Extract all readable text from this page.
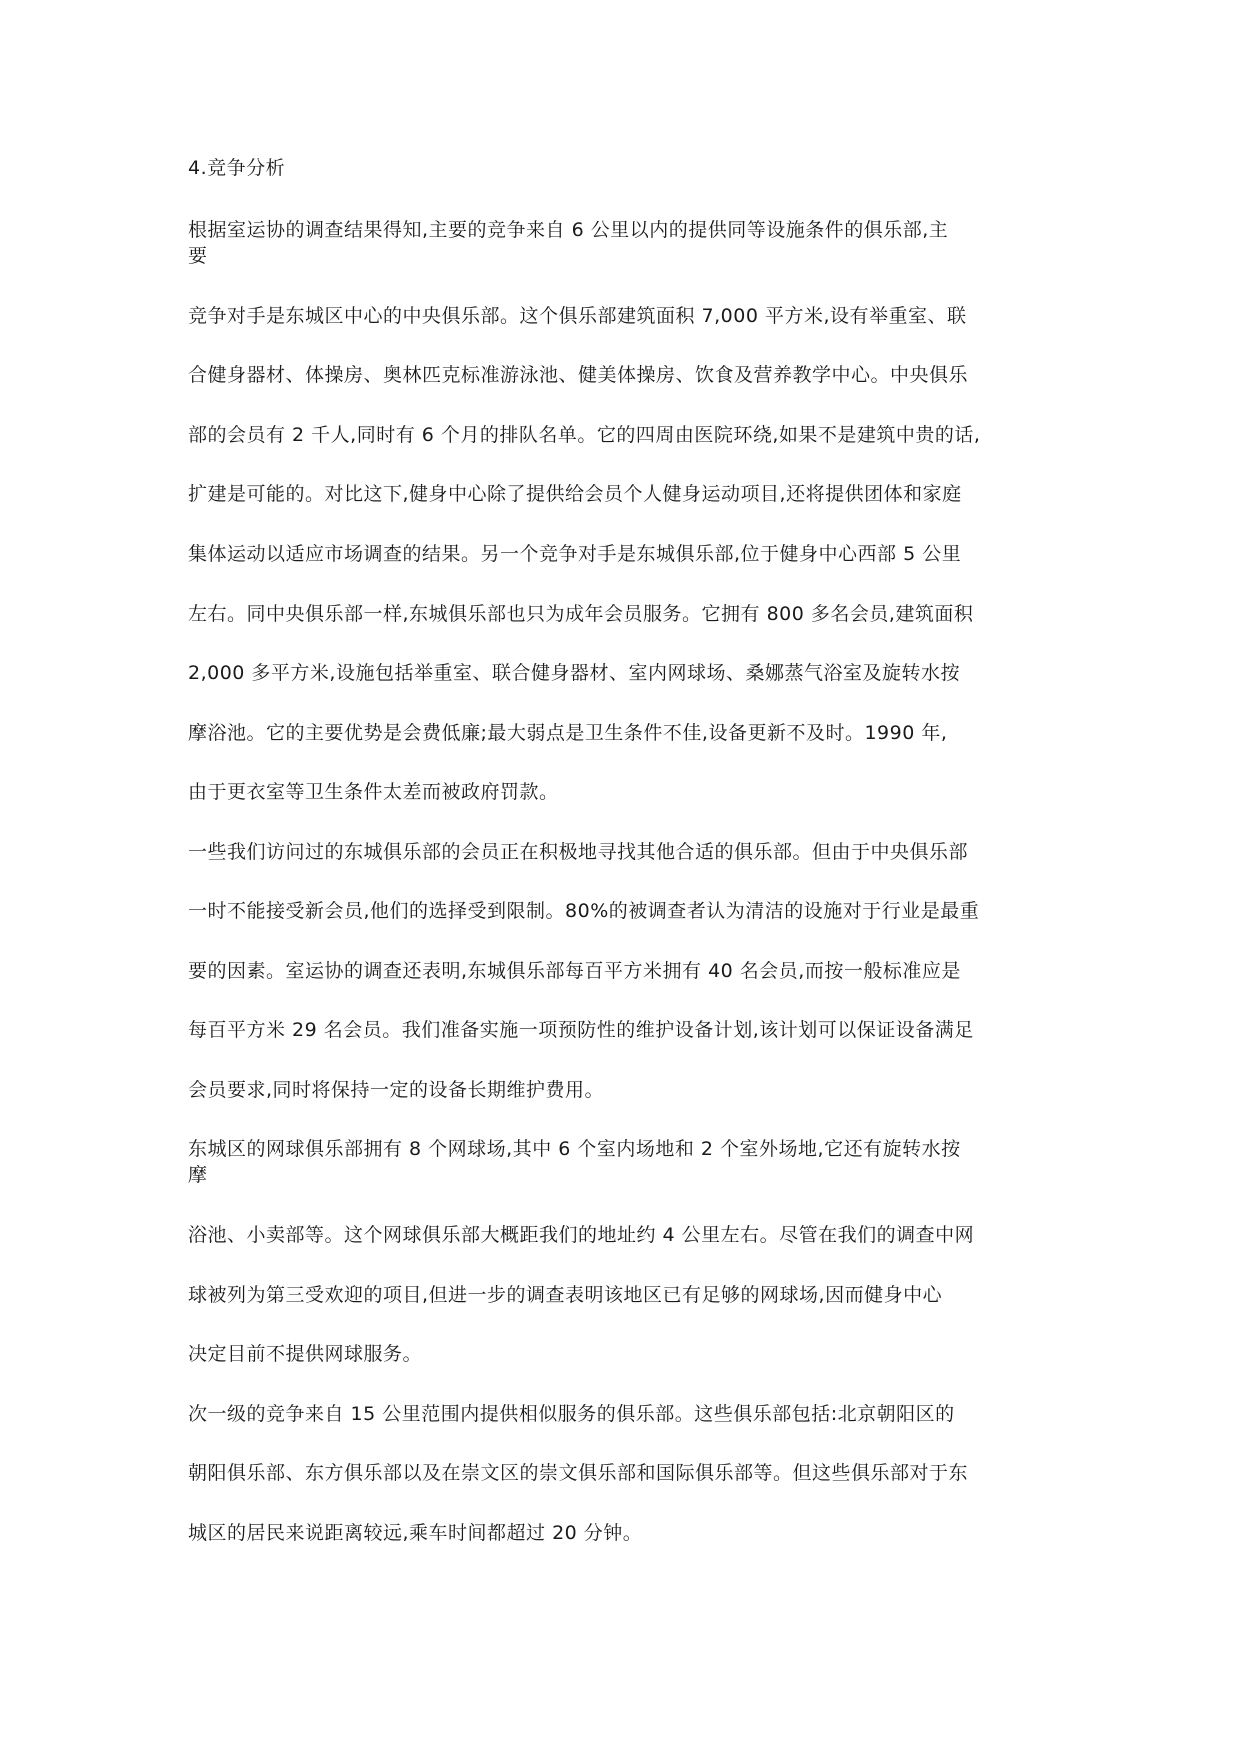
4.竞争分析
根据室运协的调查结果得知,主要的竞争来自 6 公里以内的提供同等设施条件的俱乐部,主
要
竞争对手是东城区中心的中央俱乐部。这个俱乐部建筑面积 7,000 平方米,设有举重室、联
合健身器材、体操房、奥林匹克标准游泳池、健美体操房、饮食及营养教学中心。中央俱乐
部的会员有 2 千人,同时有 6 个月的排队名单。它的四周由医院环绕,如果不是建筑中贵的话,
扩建是可能的。对比这下,健身中心除了提供给会员个人健身运动项目,还将提供团体和家庭
集体运动以适应市场调查的结果。另一个竞争对手是东城俱乐部,位于健身中心西部 5 公里
左右。同中央俱乐部一样,东城俱乐部也只为成年会员服务。它拥有 800 多名会员,建筑面积
2,000 多平方米,设施包括举重室、联合健身器材、室内网球场、桑娜蒸气浴室及旋转水按
摩浴池。它的主要优势是会费低廉;最大弱点是卫生条件不佳,设备更新不及时。1990 年,
由于更衣室等卫生条件太差而被政府罚款。
一些我们访问过的东城俱乐部的会员正在积极地寻找其他合适的俱乐部。但由于中央俱乐部
一时不能接受新会员,他们的选择受到限制。80%的被调查者认为清洁的设施对于行业是最重
要的因素。室运协的调查还表明,东城俱乐部每百平方米拥有 40 名会员,而按一般标准应是
每百平方米 29 名会员。我们准备实施一项预防性的维护设备计划,该计划可以保证设备满足
会员要求,同时将保持一定的设备长期维护费用。
东城区的网球俱乐部拥有 8 个网球场,其中 6 个室内场地和 2 个室外场地,它还有旋转水按
摩
浴池、小卖部等。这个网球俱乐部大概距我们的地址约 4 公里左右。尽管在我们的调查中网
球被列为第三受欢迎的项目,但进一步的调查表明该地区已有足够的网球场,因而健身中心
决定目前不提供网球服务。
次一级的竞争来自 15 公里范围内提供相似服务的俱乐部。这些俱乐部包括:北京朝阳区的
朝阳俱乐部、东方俱乐部以及在崇文区的崇文俱乐部和国际俱乐部等。但这些俱乐部对于东
城区的居民来说距离较远,乘车时间都超过 20 分钟。
